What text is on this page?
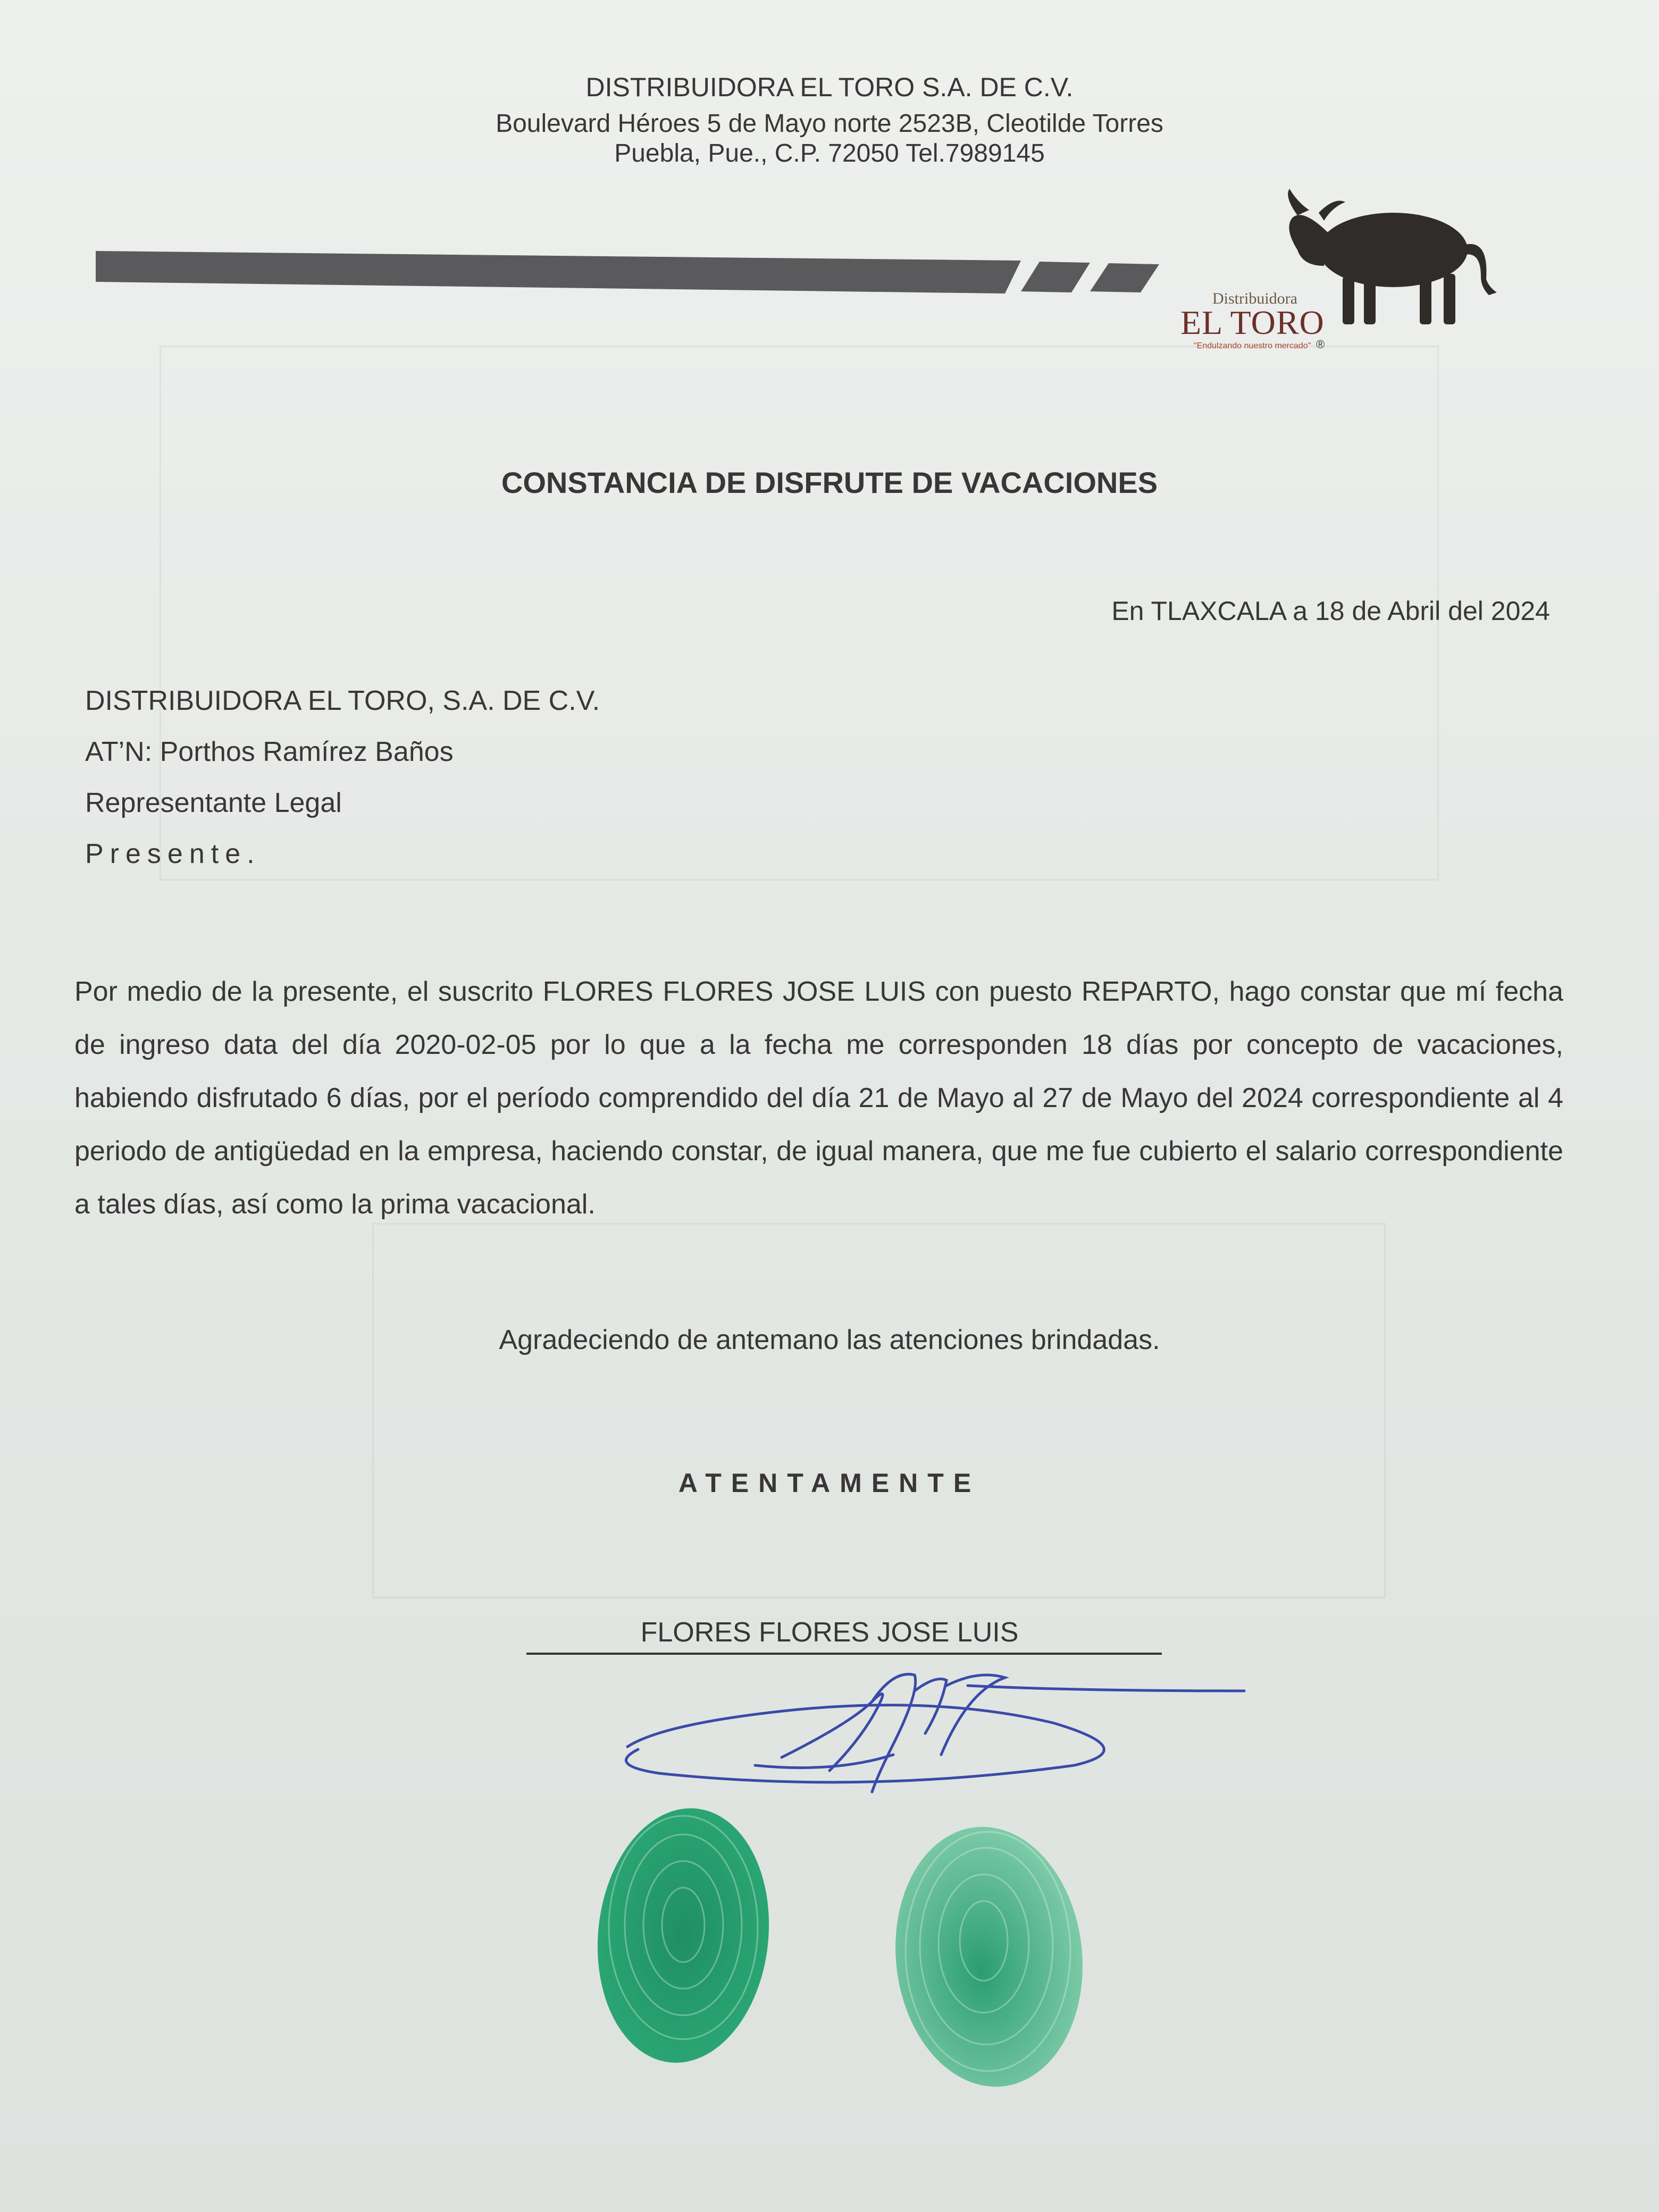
DISTRIBUIDORA EL TORO S.A. DE C.V.

Boulevard Héroes 5 de Mayo norte 2523B, Cleotilde Torres
Puebla, Pue., C.P. 72050 Tel.7989145

Distribuidora
EL TORO
"Endulzando nuestro mercado" ®

CONSTANCIA DE DISFRUTE DE VACACIONES

En TLAXCALA a 18 de Abril del 2024

DISTRIBUIDORA EL TORO, S.A. DE C.V.
AT’N: Porthos Ramírez Baños
Representante Legal
Presente.

Por medio de la presente, el suscrito FLORES FLORES JOSE LUIS con puesto REPARTO, hago constar que mí fecha de ingreso data del día 2020-02-05 por lo que a la fecha me corresponden 18 días por concepto de vacaciones, habiendo disfrutado 6 días, por el período comprendido del día 21 de Mayo al 27 de Mayo del 2024 correspondiente al 4 periodo de antigüedad en la empresa, haciendo constar, de igual manera, que me fue cubierto el salario correspondiente a tales días, así como la prima vacacional.

Agradeciendo de antemano las atenciones brindadas.

ATENTAMENTE

FLORES FLORES JOSE LUIS
